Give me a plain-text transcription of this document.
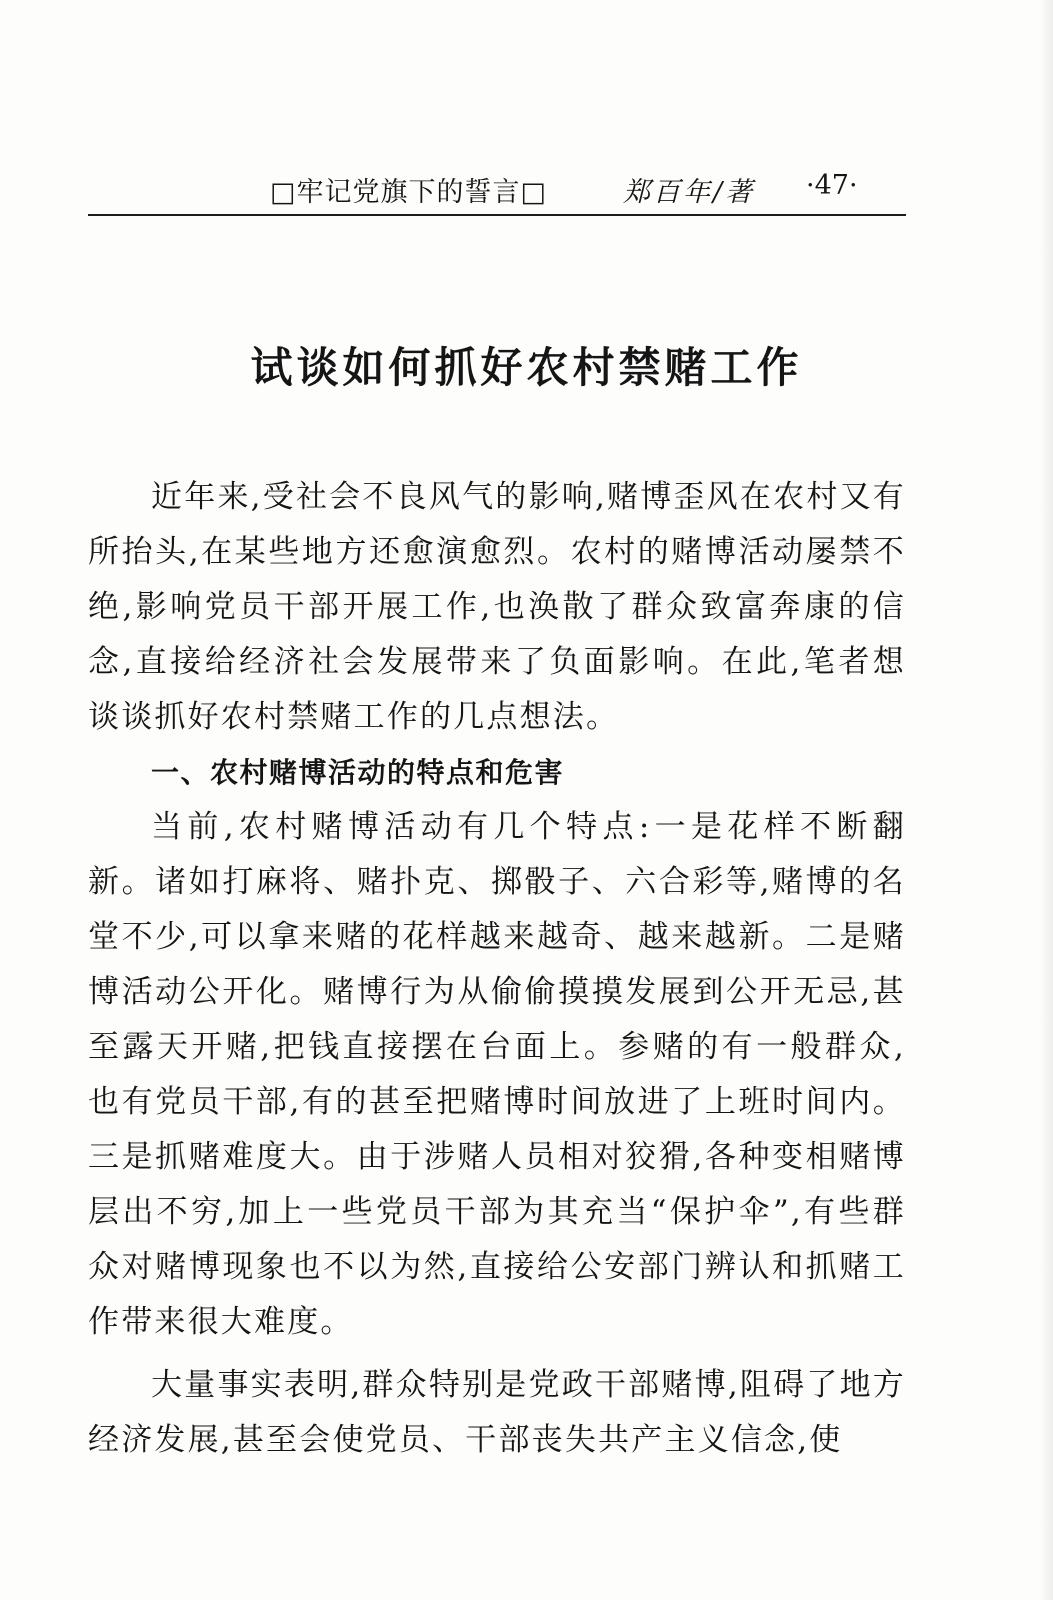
□牢记党旗下的誓言□	郑百年/著 ·47·
试谈如何抓好农村禁赌工作

近年来,受社会不良风气的影响,赌博歪风在农村又有所抬头,在某些地方还愈演愈烈。农村的赌博活动屡禁不绝,影响党员干部开展工作,也涣散了群众致富奔康的信念,直接给经济社会发展带来了负面影响。在此,笔者想谈谈抓好农村禁赌工作的几点想法。

一、农村赌博活动的特点和危害

当前,农村赌博活动有几个特点:一是花样不断翻新。诸如打麻将、赌扑克、掷骰子、六合彩等,赌博的名堂不少,可以拿来赌的花样越来越奇、越来越新。二是赌博活动公开化。赌博行为从偷偷摸摸发展到公开无忌,甚至露天开赌,把钱直接摆在台面上。参赌的有一般群众,也有党员干部,有的甚至把赌博时间放进了上班时间内。三是抓赌难度大。由于涉赌人员相对狡猾,各种变相赌博层出不穷,加上一些党员干部为其充当“保护伞”,有些群众对赌博现象也不以为然,直接给公安部门辨认和抓赌工作带来很大难度。

大量事实表明,群众特别是党政干部赌博,阻碍了地方经济发展,甚至会使党员、干部丧失共产主义信念,使
